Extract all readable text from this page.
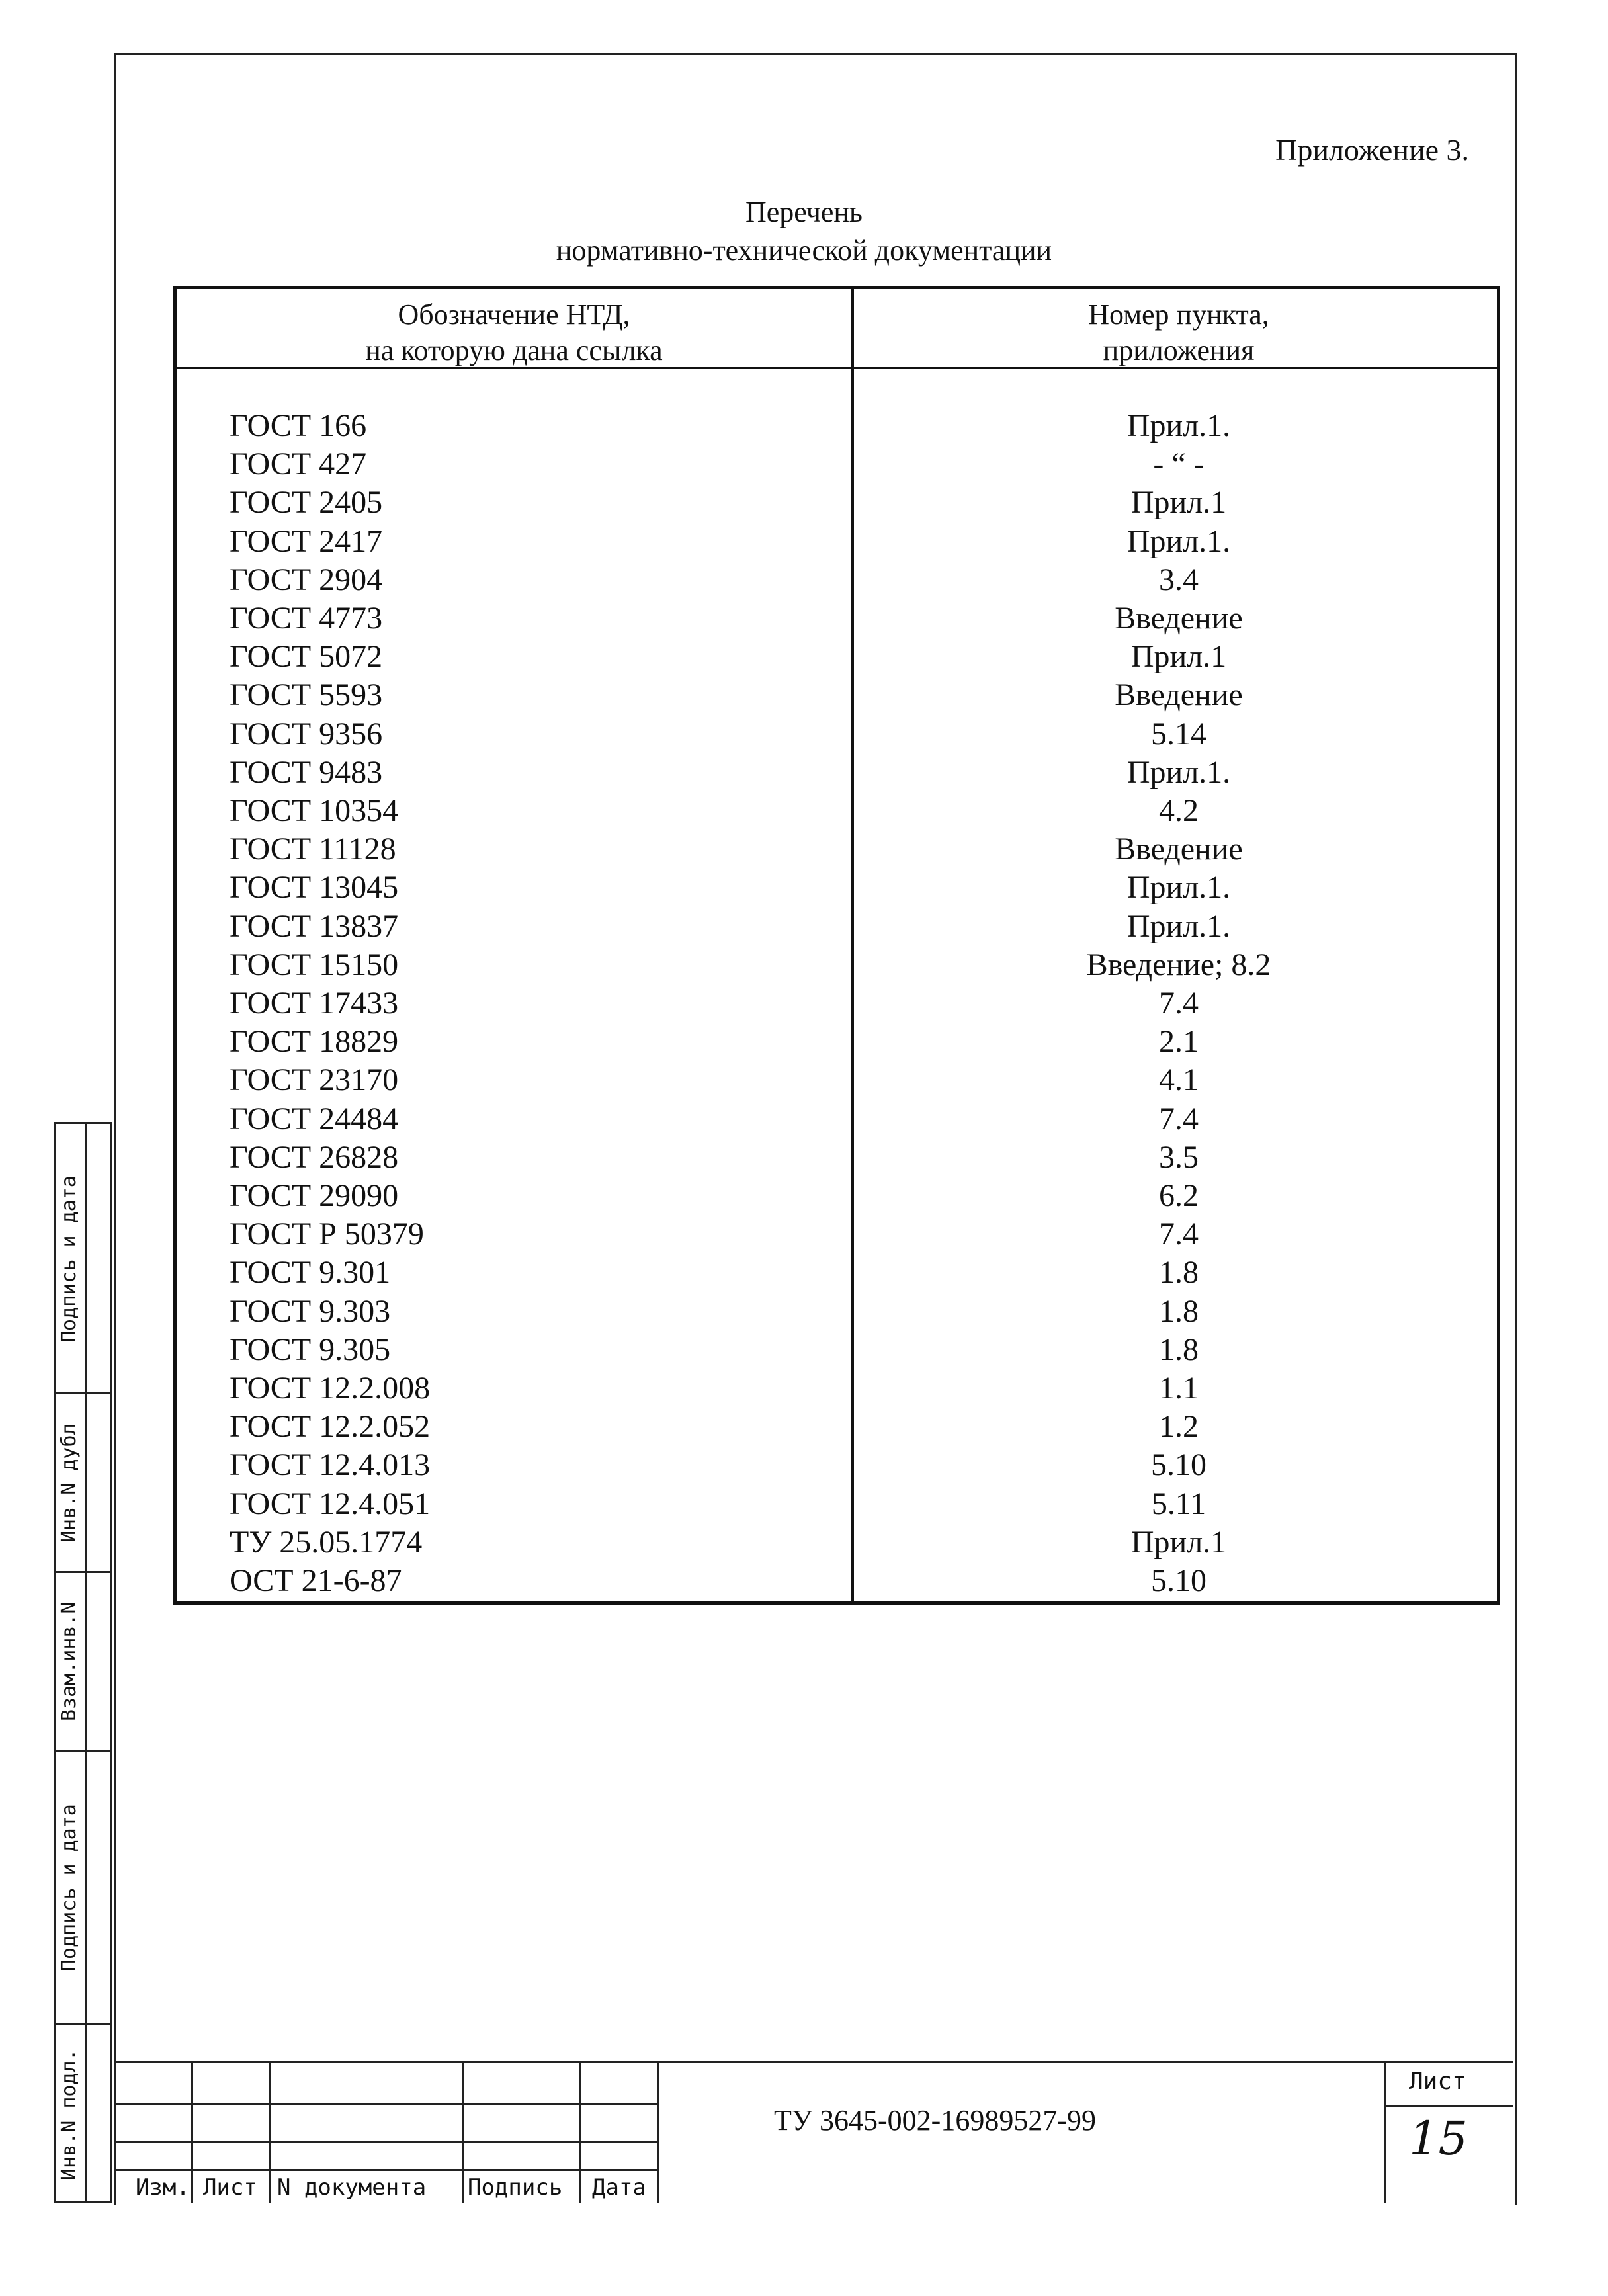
Приложение 3.
Перечень
нормативно-технической документации
Обозначение НТД,
на которую дана ссылка
Номер пункта,
приложения
ГОСТ 166	Прил.1.
ГОСТ 427	- “ -
ГОСТ 2405	Прил.1
ГОСТ 2417	Прил.1.
ГОСТ 2904	3.4
ГОСТ 4773	Введение
ГОСТ 5072	Прил.1
ГОСТ 5593	Введение
ГОСТ 9356	5.14
ГОСТ 9483	Прил.1.
ГОСТ 10354	4.2
ГОСТ 11128	Введение
ГОСТ 13045	Прил.1.
ГОСТ 13837	Прил.1.
ГОСТ 15150	Введение; 8.2
ГОСТ 17433	7.4
ГОСТ 18829	2.1
ГОСТ 23170	4.1
ГОСТ 24484	7.4
ГОСТ 26828	3.5
ГОСТ 29090	6.2
ГОСТ Р 50379	7.4
ГОСТ 9.301	1.8
ГОСТ 9.303	1.8
ГОСТ 9.305	1.8
ГОСТ 12.2.008	1.1
ГОСТ 12.2.052	1.2
ГОСТ 12.4.013	5.10
ГОСТ 12.4.051	5.11
ТУ 25.05.1774	Прил.1
ОСТ 21-6-87	5.10
Подпись и дата
Инв.N дубл
Взам.инв.N
Подпись и дата
Инв.N подл.
Изм. Лист N документа Подпись Дата
ТУ 3645-002-16989527-99
Лист
15
